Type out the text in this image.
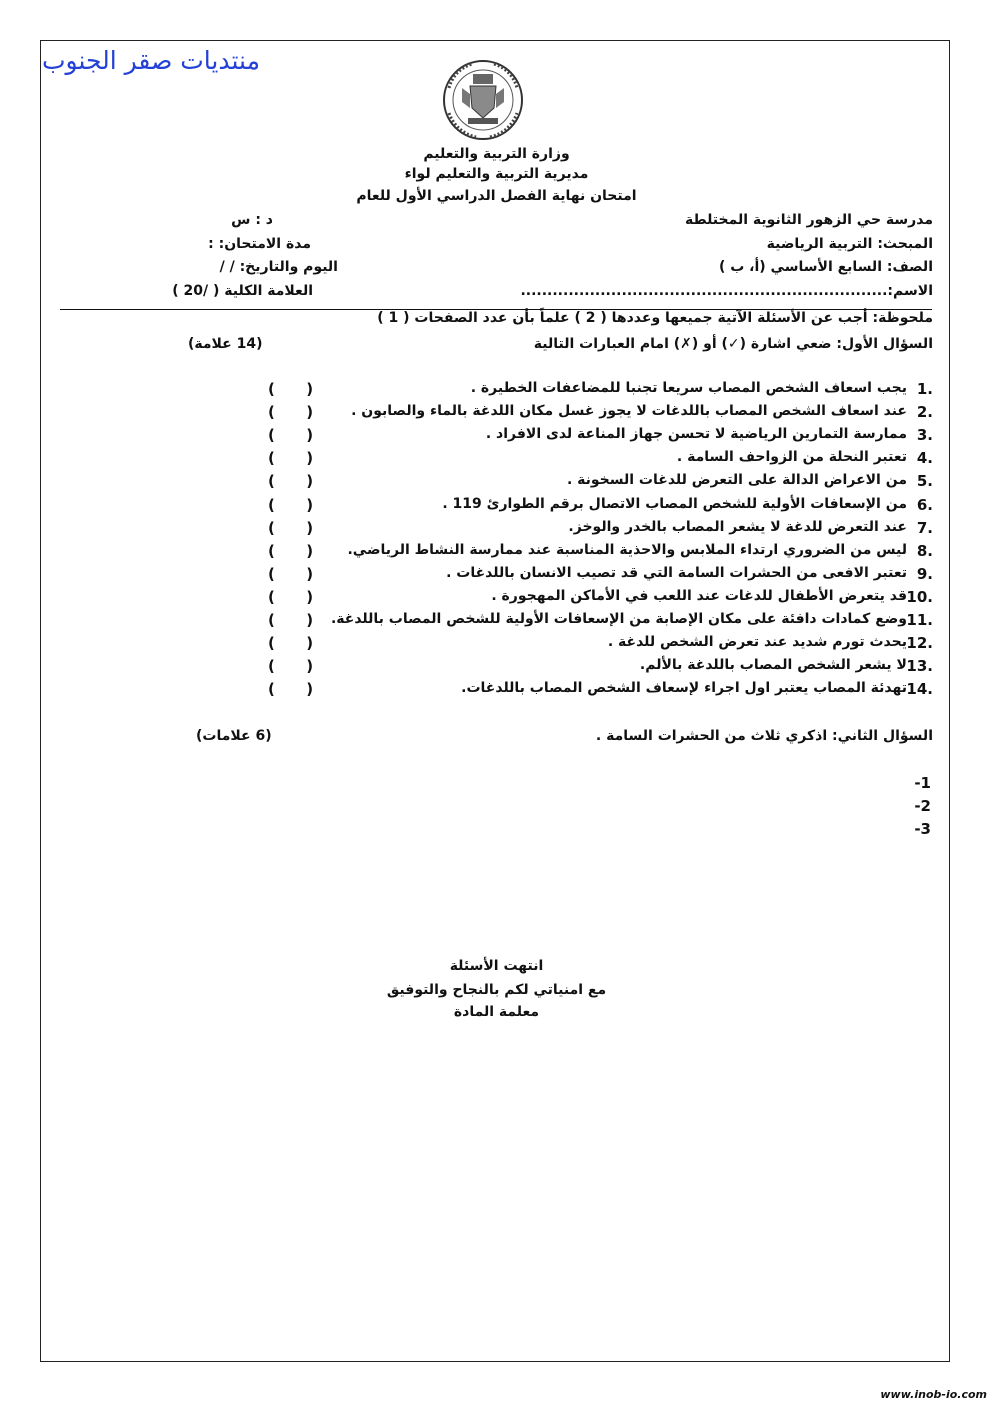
منتديات صقر الجنوب
وزارة التربية والتعليم
مديرية التربية والتعليم لواء
امتحان نهاية الفصل الدراسي الأول للعام
مدرسة حي الزهور الثانوية المختلطة
المبحث: التربية الرياضية
الصف: السابع الأساسي (أ، ب )
الاسم:.....................................................................
د : س
مدة الامتحان: :
اليوم والتاريخ: / /
العلامة الكلية ( /20 )
ملحوظة: أجب عن الأسئلة الآتية جميعها وعددها ( 2 ) علماً بأن عدد الصفحات ( 1 )
السؤال الأول: ضعي اشارة (✓) أو (✗) امام العبارات التالية
(14 علامة)
1.
يجب اسعاف الشخص المصاب سريعا تجنبا للمضاعفات الخطيرة .
(      )
2.
عند اسعاف الشخص المصاب باللدغات لا يجوز غسل مكان اللدغة بالماء والصابون .
(      )
3.
ممارسة التمارين الرياضية لا تحسن جهاز المناعة لدى الافراد .
(      )
4.
تعتبر النحلة من الزواحف السامة .
(      )
5.
من الاعراض الدالة على التعرض للدغات السخونة .
(      )
6.
من الإسعافات الأولية للشخص المصاب الاتصال برقم الطوارئ 119 .
(      )
7.
عند التعرض للدغة لا يشعر المصاب بالخدر والوخز.
(      )
8.
ليس من الضروري ارتداء الملابس والاحذية المناسبة عند ممارسة النشاط الرياضي.
(      )
9.
تعتبر الافعى من الحشرات السامة التي قد تصيب الانسان باللدغات .
(      )
10.
قد يتعرض الأطفال للدغات عند اللعب في الأماكن المهجورة .
(      )
11.
وضع كمادات دافئة على مكان الإصابة من الإسعافات الأولية للشخص المصاب باللدغة.
(      )
12.
يحدث تورم شديد عند تعرض الشخص للدغة .
(      )
13.
لا يشعر الشخص المصاب باللدغة بالألم.
(      )
14.
تهدئة المصاب يعتبر اول اجراء لإسعاف الشخص المصاب باللدغات.
(      )
السؤال الثاني: اذكري ثلاث من الحشرات السامة .
(6 علامات)
-1
-2
-3
انتهت الأسئلة
مع امنياتي لكم بالنجاح والتوفيق
معلمة المادة
www.inob-io.com
